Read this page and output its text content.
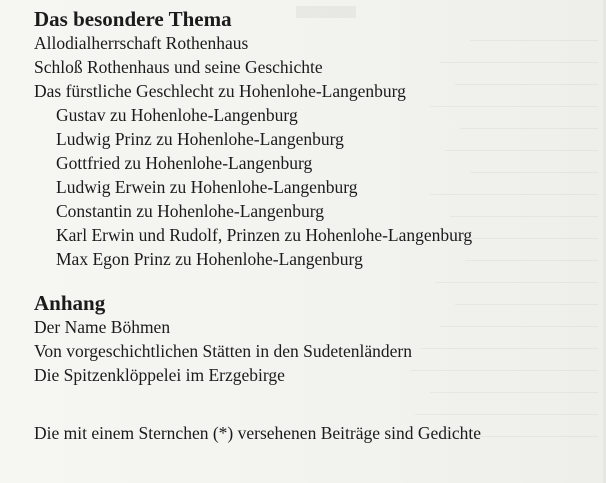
Das besondere Thema
Allodialherrschaft Rothenhaus
Schloß Rothenhaus und seine Geschichte
Das fürstliche Geschlecht zu Hohenlohe-Langenburg
Gustav zu Hohenlohe-Langenburg
Ludwig Prinz zu Hohenlohe-Langenburg
Gottfried zu Hohenlohe-Langenburg
Ludwig Erwein zu Hohenlohe-Langenburg
Constantin zu Hohenlohe-Langenburg
Karl Erwin und Rudolf, Prinzen zu Hohenlohe-Langenburg
Max Egon Prinz zu Hohenlohe-Langenburg
Anhang
Der Name Böhmen
Von vorgeschichtlichen Stätten in den Sudetenländern
Die Spitzenklöppelei im Erzgebirge
Die mit einem Sternchen (*) versehenen Beiträge sind Gedichte
